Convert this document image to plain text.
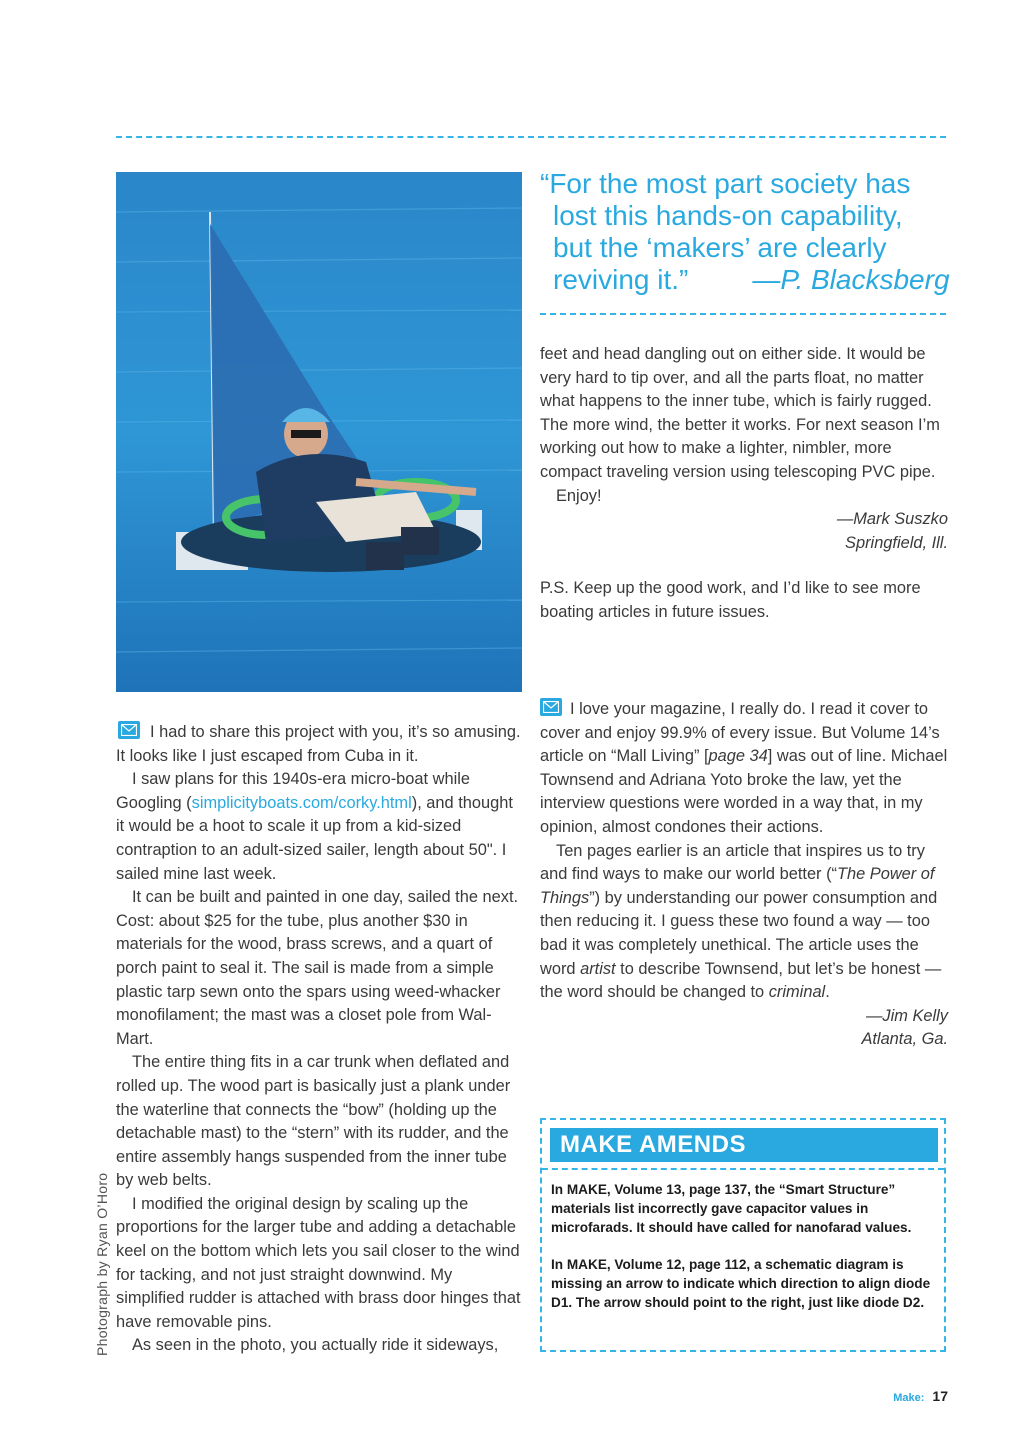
“For the most part society has
lost this hands-on capability,
but the ‘makers’ are clearly
reviving it.” —P. Blacksberg

feet and head dangling out on either side. It would be very hard to tip over, and all the parts float, no matter what happens to the inner tube, which is fairly rugged. The more wind, the better it works. For next season I’m working out how to make a lighter, nimbler, more compact traveling version using telescoping PVC pipe.

Enjoy!

—Mark Suszko

Springfield, Ill.

P.S. Keep up the good work, and I’d like to see more boating articles in future issues.

I love your magazine, I really do. I read it cover to cover and enjoy 99.9% of every issue. But Volume 14’s article on “Mall Living” [page 34] was out of line. Michael Townsend and Adriana Yoto broke the law, yet the interview questions were worded in a way that, in my opinion, almost condones their actions.

Ten pages earlier is an article that inspires us to try and find ways to make our world better (“The Power of Things”) by understanding our power consumption and then reducing it. I guess these two found a way — too bad it was completely unethical. The article uses the word artist to describe Townsend, but let’s be honest — the word should be changed to criminal.

—Jim Kelly

Atlanta, Ga.

I had to share this project with you, it’s so amusing. It looks like I just escaped from Cuba in it.

I saw plans for this 1940s-era micro-boat while Googling (simplicityboats.com/corky.html), and thought it would be a hoot to scale it up from a kid-sized contraption to an adult-sized sailer, length about 50". I sailed mine last week.

It can be built and painted in one day, sailed the next. Cost: about $25 for the tube, plus another $30 in materials for the wood, brass screws, and a quart of porch paint to seal it. The sail is made from a simple plastic tarp sewn onto the spars using weed-whacker monofilament; the mast was a closet pole from Wal-Mart.

The entire thing fits in a car trunk when deflated and rolled up. The wood part is basically just a plank under the waterline that connects the “bow” (holding up the detachable mast) to the “stern” with its rudder, and the entire assembly hangs suspended from the inner tube by web belts.

I modified the original design by scaling up the proportions for the larger tube and adding a detachable keel on the bottom which lets you sail closer to the wind for tacking, and not just straight downwind. My simplified rudder is attached with brass door hinges that have removable pins.

As seen in the photo, you actually ride it sideways,

Photograph by Ryan O’Horo
MAKE AMENDS

In MAKE, Volume 13, page 137, the “Smart Structure” materials list incorrectly gave capacitor values in microfarads. It should have called for nanofarad values.

In MAKE, Volume 12, page 112, a schematic diagram is missing an arrow to indicate which direction to align diode D1. The arrow should point to the right, just like diode D2.

Make: 17
